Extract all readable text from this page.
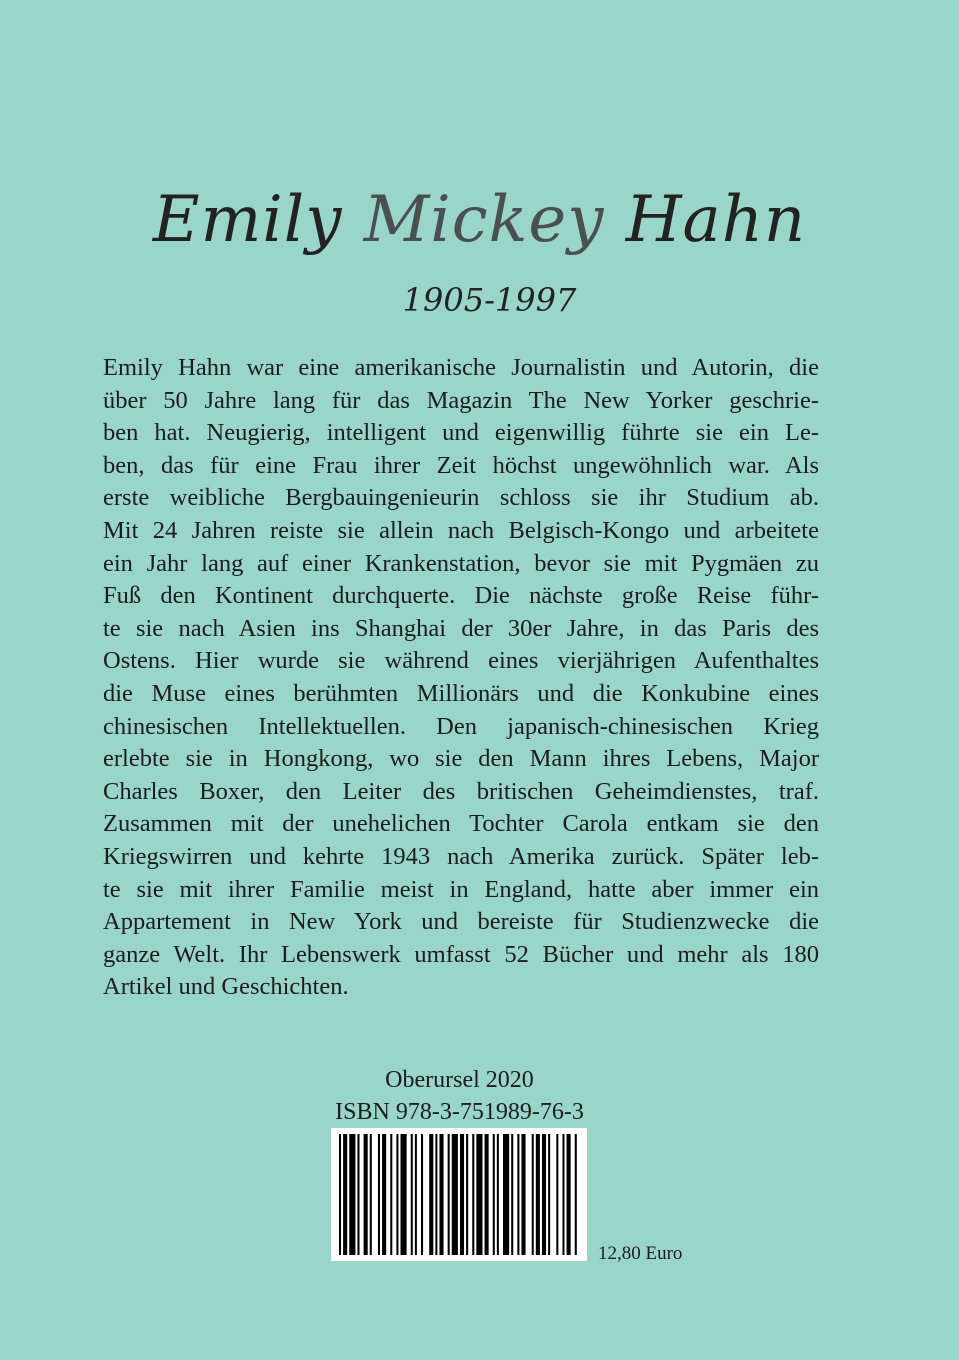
Emily Mickey Hahn

1905-1997

Emily Hahn war eine amerikanische Journalistin und Autorin, die
über 50 Jahre lang für das Magazin The New Yorker geschrie-
ben hat. Neugierig, intelligent und eigenwillig führte sie ein Le-
ben, das für eine Frau ihrer Zeit höchst ungewöhnlich war. Als
erste weibliche Bergbauingenieurin schloss sie ihr Studium ab.
Mit 24 Jahren reiste sie allein nach Belgisch-Kongo und arbeitete
ein Jahr lang auf einer Krankenstation, bevor sie mit Pygmäen zu
Fuß den Kontinent durchquerte. Die nächste große Reise führ-
te sie nach Asien ins Shanghai der 30er Jahre, in das Paris des
Ostens. Hier wurde sie während eines vierjährigen Aufenthaltes
die Muse eines berühmten Millionärs und die Konkubine eines
chinesischen Intellektuellen. Den japanisch-chinesischen Krieg
erlebte sie in Hongkong, wo sie den Mann ihres Lebens, Major
Charles Boxer, den Leiter des britischen Geheimdienstes, traf.
Zusammen mit der unehelichen Tochter Carola entkam sie den
Kriegswirren und kehrte 1943 nach Amerika zurück. Später leb-
te sie mit ihrer Familie meist in England, hatte aber immer ein
Appartement in New York und bereiste für Studienzwecke die
ganze Welt. Ihr Lebenswerk umfasst 52 Bücher und mehr als 180
Artikel und Geschichten.

Oberursel 2020

ISBN 978-3-751989-76-3

12,80 Euro
